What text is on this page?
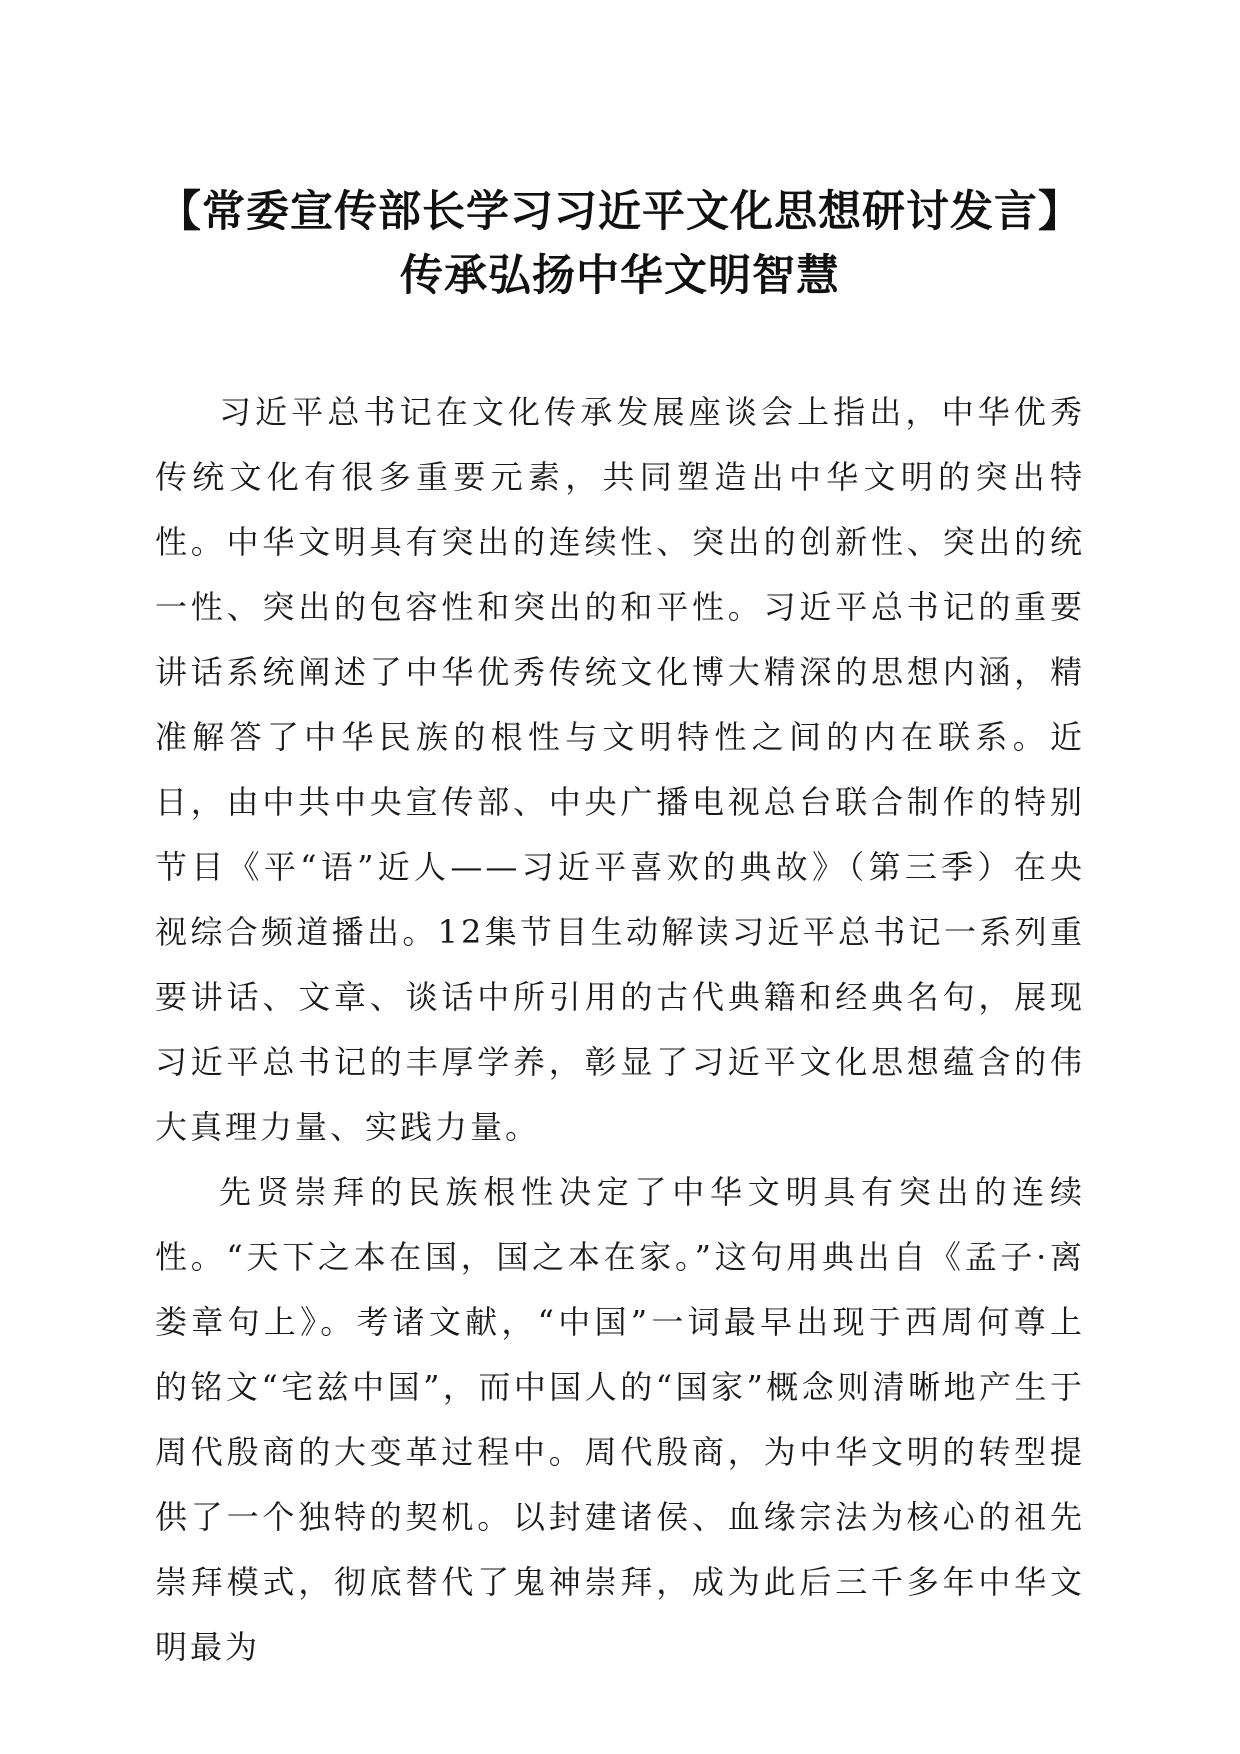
【常委宣传部长学习习近平文化思想研讨发言】传承弘扬中华文明智慧

习近平总书记在文化传承发展座谈会上指出，中华优秀传统文化有很多重要元素，共同塑造出中华文明的突出特性。中华文明具有突出的连续性、突出的创新性、突出的统一性、突出的包容性和突出的和平性。习近平总书记的重要讲话系统阐述了中华优秀传统文化博大精深的思想内涵，精准解答了中华民族的根性与文明特性之间的内在联系。近日，由中共中央宣传部、中央广播电视总台联合制作的特别节目《平“语”近人——习近平喜欢的典故》（第三季）在央视综合频道播出。12集节目生动解读习近平总书记一系列重要讲话、文章、谈话中所引用的古代典籍和经典名句，展现习近平总书记的丰厚学养，彰显了习近平文化思想蕴含的伟大真理力量、实践力量。

先贤崇拜的民族根性决定了中华文明具有突出的连续性。“天下之本在国，国之本在家。”这句用典出自《孟子·离娄章句上》。考诸文献，“中国”一词最早出现于西周何尊上的铭文“宅兹中国”，而中国人的“国家”概念则清晰地产生于周代殷商的大变革过程中。周代殷商，为中华文明的转型提供了一个独特的契机。以封建诸侯、血缘宗法为核心的祖先崇拜模式，彻底替代了鬼神崇拜，成为此后三千多年中华文明最为
